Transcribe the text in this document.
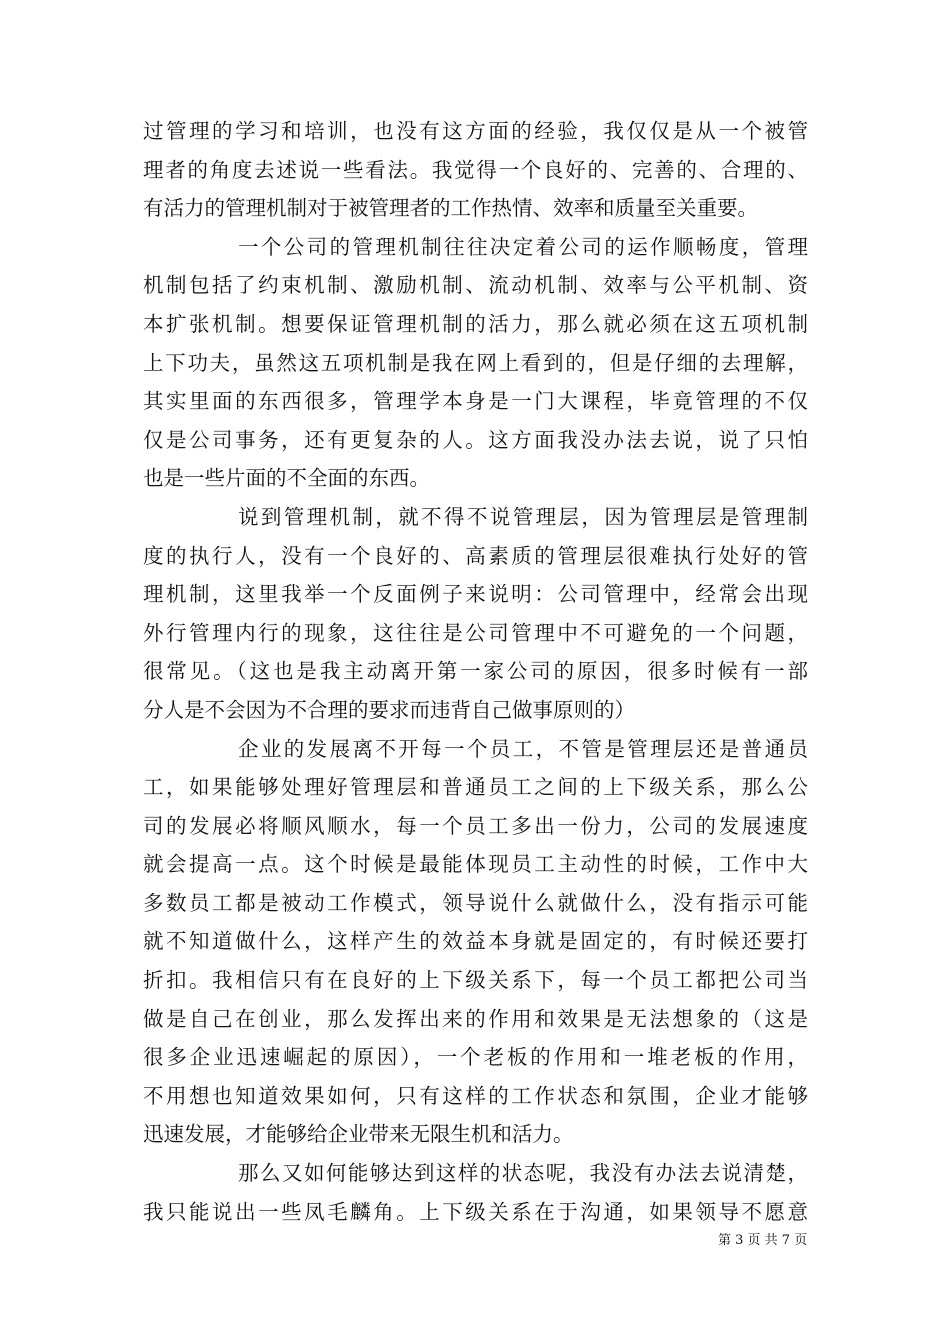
过管理的学习和培训，也没有这方面的经验，我仅仅是从一个被管
理者的角度去述说一些看法。我觉得一个良好的、完善的、合理的、
有活力的管理机制对于被管理者的工作热情、效率和质量至关重要。
一个公司的管理机制往往决定着公司的运作顺畅度，管理
机制包括了约束机制、激励机制、流动机制、效率与公平机制、资
本扩张机制。想要保证管理机制的活力，那么就必须在这五项机制
上下功夫，虽然这五项机制是我在网上看到的，但是仔细的去理解，
其实里面的东西很多，管理学本身是一门大课程，毕竟管理的不仅
仅是公司事务，还有更复杂的人。这方面我没办法去说，说了只怕
也是一些片面的不全面的东西。
说到管理机制，就不得不说管理层，因为管理层是管理制
度的执行人，没有一个良好的、高素质的管理层很难执行处好的管
理机制，这里我举一个反面例子来说明：公司管理中，经常会出现
外行管理内行的现象，这往往是公司管理中不可避免的一个问题，
很常见。（这也是我主动离开第一家公司的原因，很多时候有一部
分人是不会因为不合理的要求而违背自己做事原则的）
企业的发展离不开每一个员工，不管是管理层还是普通员
工，如果能够处理好管理层和普通员工之间的上下级关系，那么公
司的发展必将顺风顺水，每一个员工多出一份力，公司的发展速度
就会提高一点。这个时候是最能体现员工主动性的时候，工作中大
多数员工都是被动工作模式，领导说什么就做什么，没有指示可能
就不知道做什么，这样产生的效益本身就是固定的，有时候还要打
折扣。我相信只有在良好的上下级关系下，每一个员工都把公司当
做是自己在创业，那么发挥出来的作用和效果是无法想象的（这是
很多企业迅速崛起的原因），一个老板的作用和一堆老板的作用，
不用想也知道效果如何，只有这样的工作状态和氛围，企业才能够
迅速发展，才能够给企业带来无限生机和活力。
那么又如何能够达到这样的状态呢，我没有办法去说清楚，
我只能说出一些凤毛麟角。上下级关系在于沟通，如果领导不愿意
第 3 页 共 7 页
